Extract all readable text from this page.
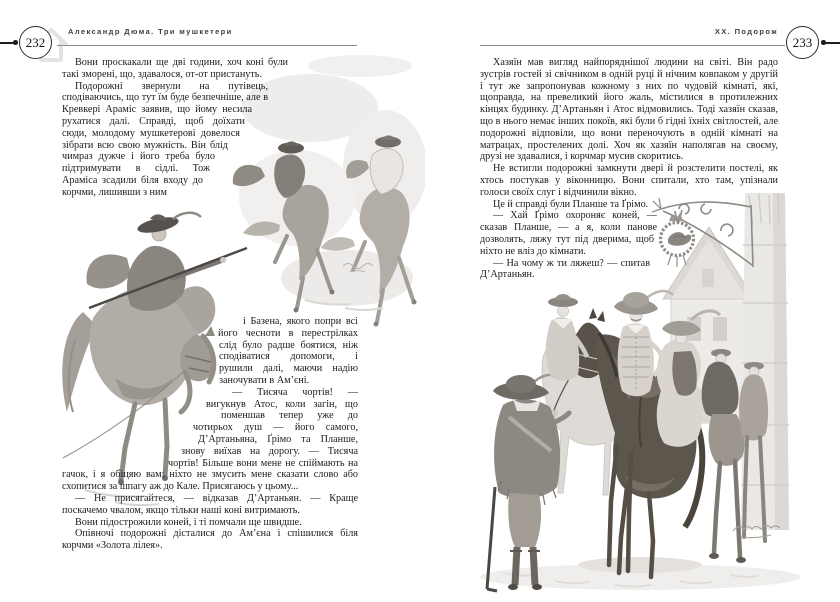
232
Александр Дюма. Три мушкетери	XX. Подорож
233

Вони проскакали ще дві години, хоч коні були такі зморені, що, здавалося, от-от пристануть.

Подорожні звернули на путівець, сподіваючись, що тут їм буде безпечніше, але в Кревкері Араміс заявив, що йому несила рухатися далі. Справді, щоб доїхати сюди, молодому мушкетерові довелося зібрати всю свою мужність. Він блід чимраз дужче і його треба було підтримувати в сідлі. Тож Араміса зсадили біля входу до корчми, лишивши з ним

і Базена, якого попри всі його чесноти в перестрілках слід було радше боятися, ніж сподіватися допомоги, і рушили далі, маючи надію заночувати в Ам’єні.

— Тисяча чортів! — вигукнув Атос, коли загін, що поменшав тепер уже до чотирьох душ — його самого, Д’Артаньяна, Ґрімо та Планше, знову виїхав на дорогу. — Тисяча чортів! Більше вони мене не спіймають на гачок, і я обіцяю вам: ніхто не змусить мене сказати слово або схопитися за шпагу аж до Кале. Присягаюсь у цьому...

— Не присягайтеся, — відказав Д’Артаньян. — Краще поскачемо чвалом, якщо тільки наші коні витримають.

Вони підострожили коней, і ті помчали ще швидше.

Опівночі подорожні дісталися до Ам’єна і спішилися біля корчми «Золота лілея».

Хазяїн мав вигляд найпоряднішої людини на світі. Він радо зустрів гостей зі свічником в одній руці й нічним ковпаком у другій і тут же запропонував кожному з них по чудовій кімнаті, які, щоправда, на превеликий його жаль, містилися в протилежних кінцях будинку. Д’Артаньян і Атос відмовились. Тоді хазяїн сказав, що в нього немає інших покоїв, які були б гідні їхніх світлостей, але подорожні відповіли, що вони переночують в одній кімнаті на матрацах, простелених долі. Хоч як хазяїн наполягав на своєму, друзі не здавалися, і корчмар мусив скоритись.

Не встигли подорожні замкнути двері й розстелити постелі, як хтось постукав у віконницю. Вони спитали, хто там, упізнали голоси своїх слуг і відчинили вікно.

Це й справді були Планше та Ґрімо.

— Хай Ґрімо охороняє коней, — сказав Планше, — а я, коли панове дозволять, ляжу тут під дверима, щоб ніхто не вліз до кімнати.

— На чому ж ти ляжеш? — спитав Д’Артаньян.
